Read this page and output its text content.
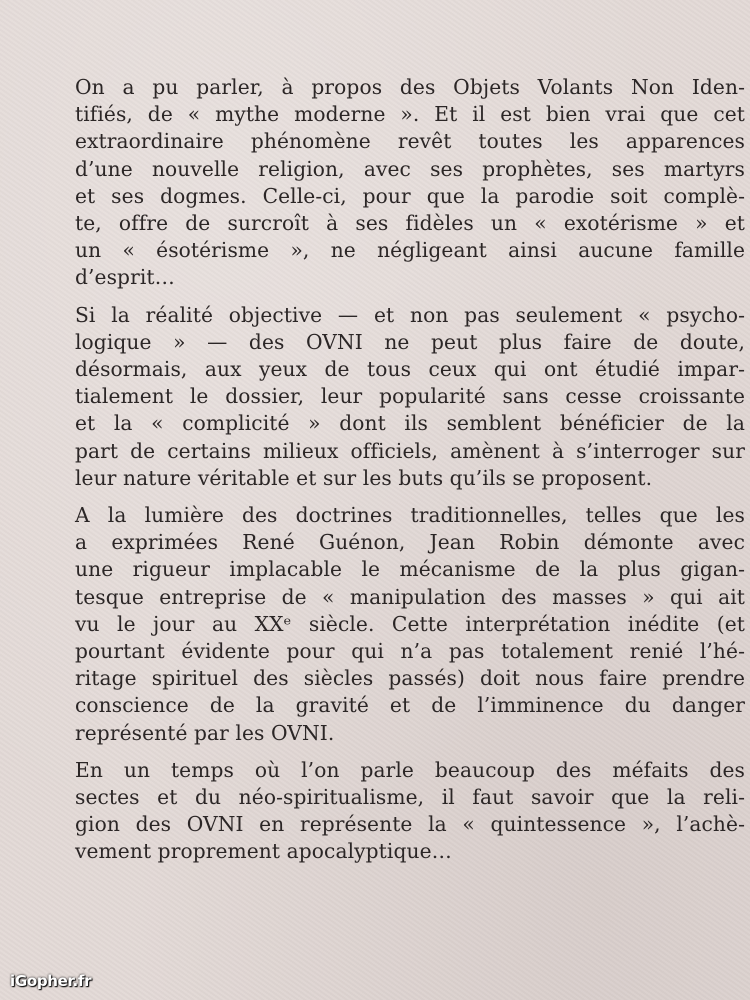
On a pu parler, à propos des Objets Volants Non Iden-
tifiés, de « mythe moderne ». Et il est bien vrai que cet
extraordinaire phénomène revêt toutes les apparences
d’une nouvelle religion, avec ses prophètes, ses martyrs
et ses dogmes. Celle-ci, pour que la parodie soit complè-
te, offre de surcroît à ses fidèles un « exotérisme » et
un « ésotérisme », ne négligeant ainsi aucune famille
d’esprit…

Si la réalité objective — et non pas seulement « psycho-
logique » — des OVNI ne peut plus faire de doute,
désormais, aux yeux de tous ceux qui ont étudié impar-
tialement le dossier, leur popularité sans cesse croissante
et la « complicité » dont ils semblent bénéficier de la
part de certains milieux officiels, amènent à s’interroger sur
leur nature véritable et sur les buts qu’ils se proposent.

A la lumière des doctrines traditionnelles, telles que les
a exprimées René Guénon, Jean Robin démonte avec
une rigueur implacable le mécanisme de la plus gigan-
tesque entreprise de « manipulation des masses » qui ait
vu le jour au XXᵉ siècle. Cette interprétation inédite (et
pourtant évidente pour qui n’a pas totalement renié l’hé-
ritage spirituel des siècles passés) doit nous faire prendre
conscience de la gravité et de l’imminence du danger
représenté par les OVNI.

En un temps où l’on parle beaucoup des méfaits des
sectes et du néo-spiritualisme, il faut savoir que la reli-
gion des OVNI en représente la « quintessence », l’achè-
vement proprement apocalyptique…

iGopher.fr
